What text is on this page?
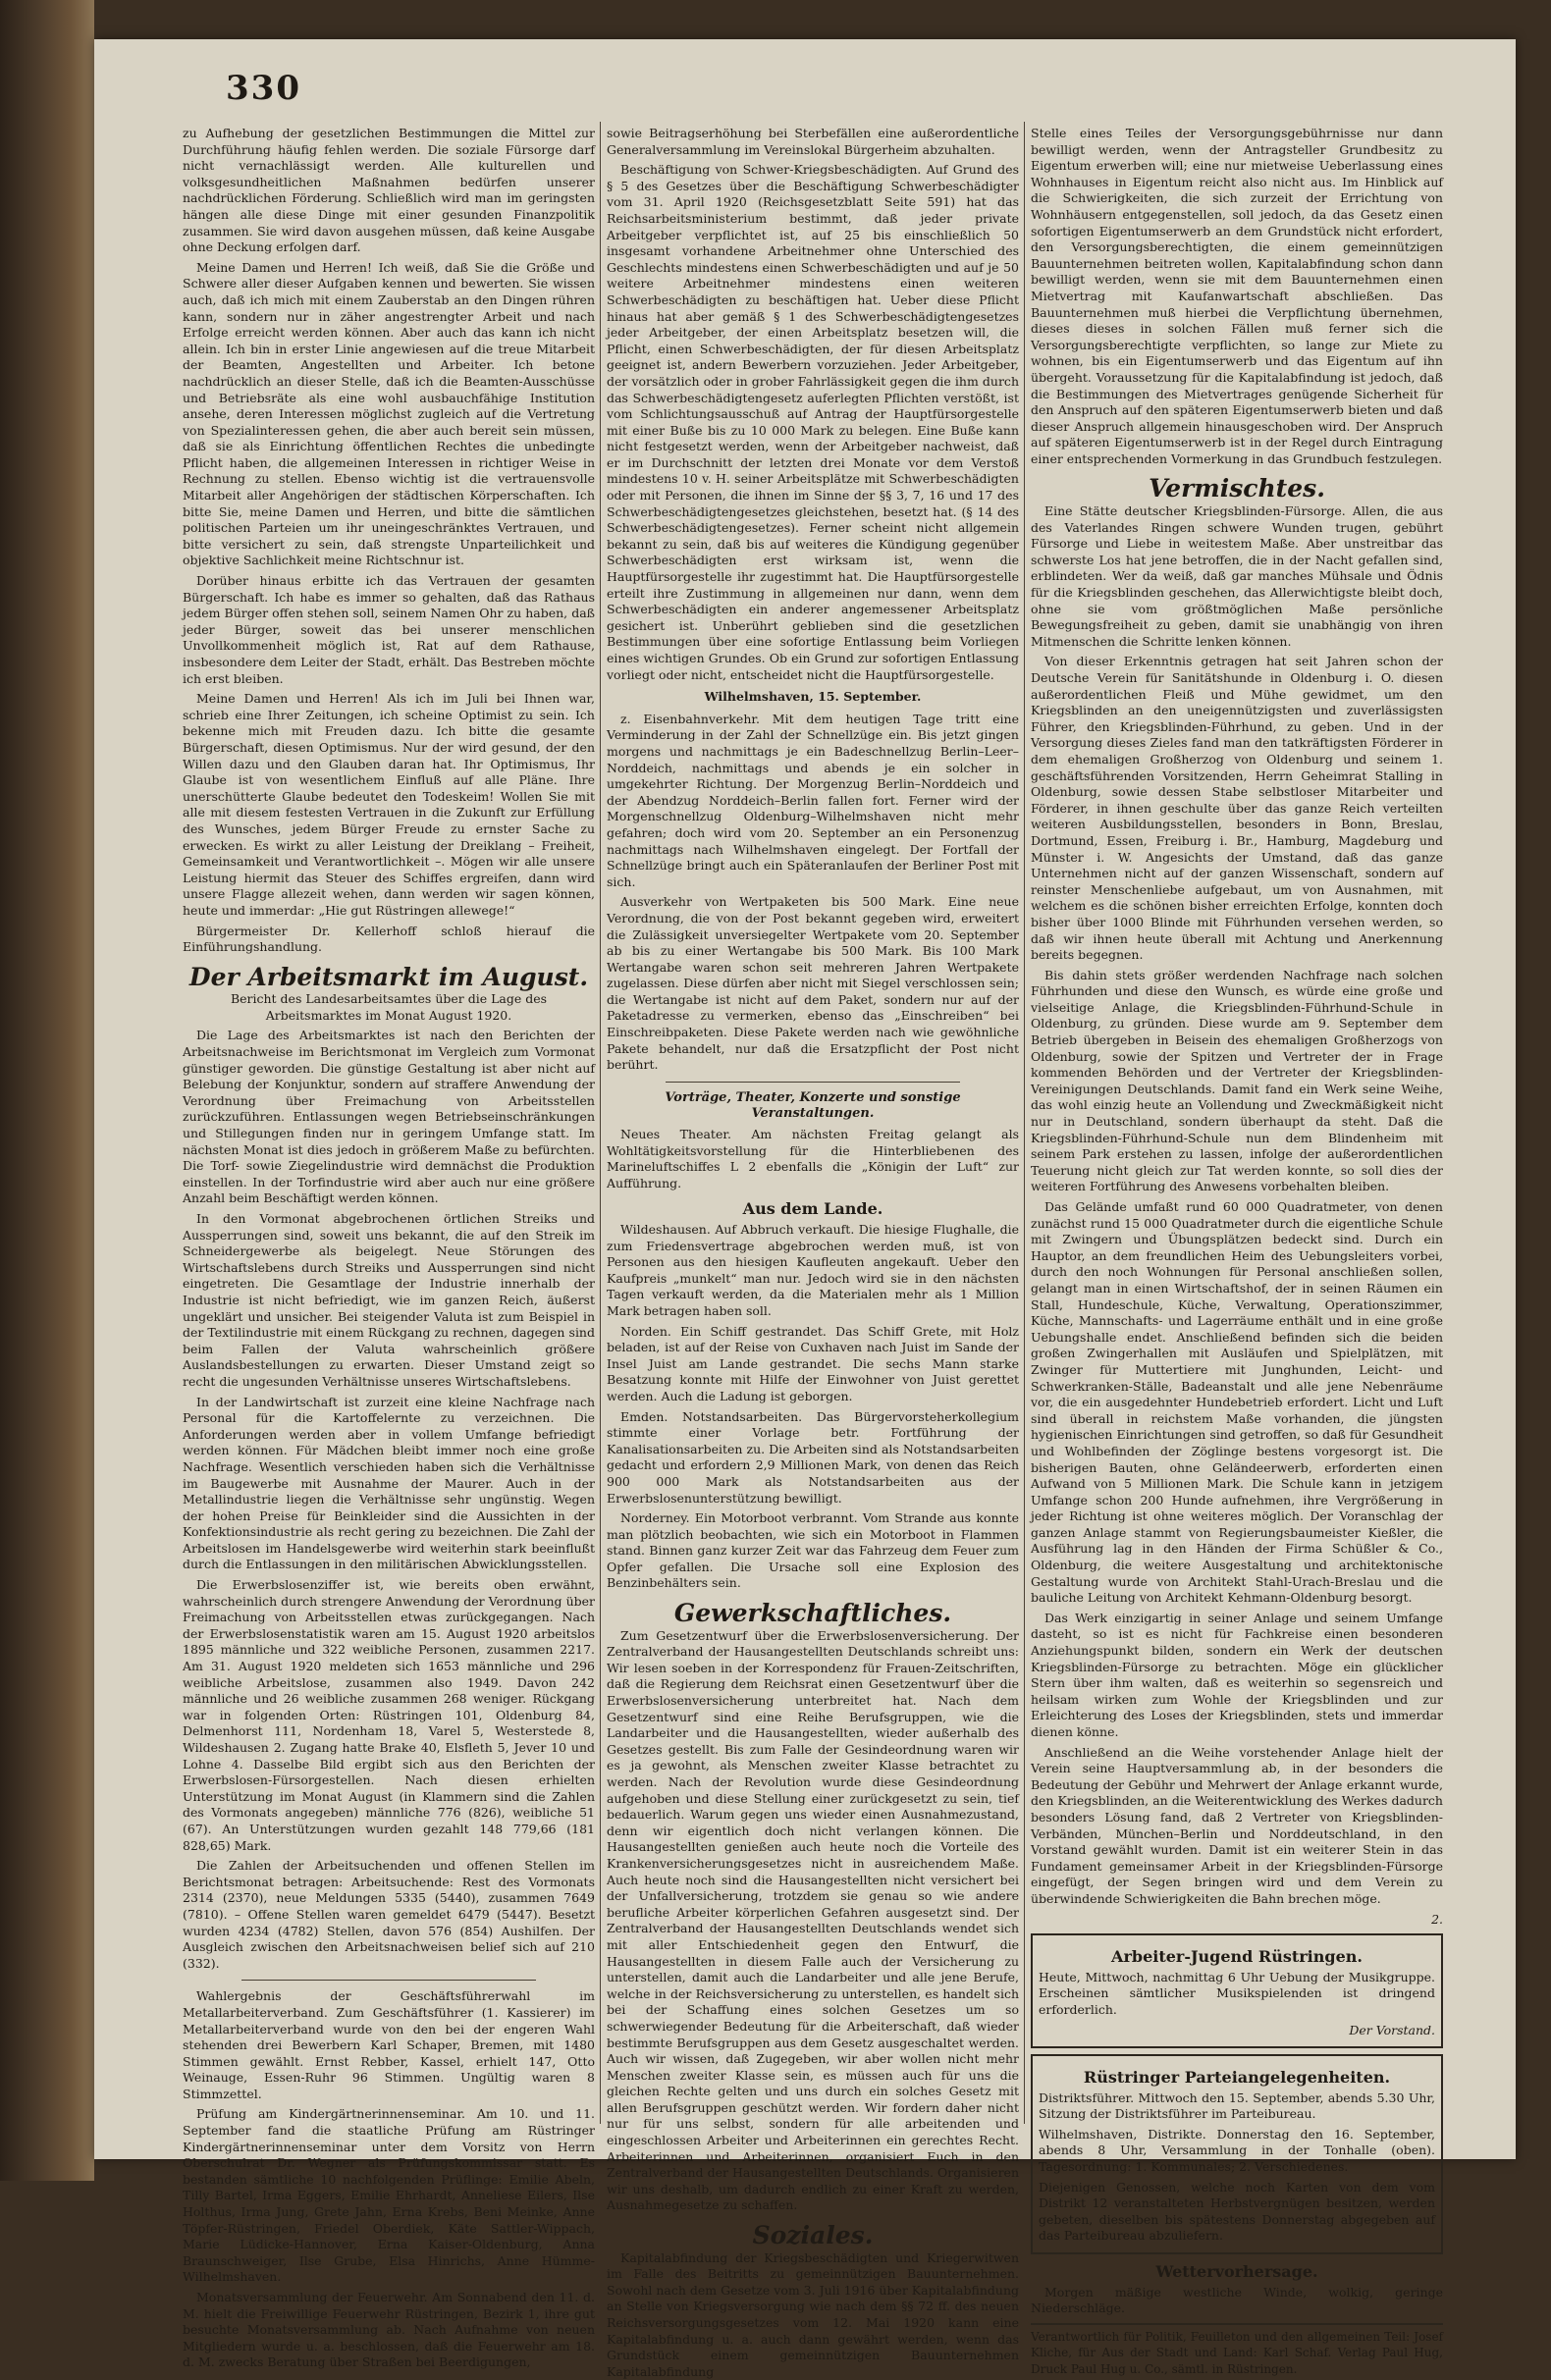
330

zu Aufhebung der gesetzlichen Bestimmungen die Mittel zur Durchführung häufig fehlen werden. Die soziale Fürsorge darf nicht vernachlässigt werden. Alle kulturellen und volksgesundheitlichen Maßnahmen bedürfen unserer nachdrücklichen Förderung. Schließlich wird man im geringsten hängen alle diese Dinge mit einer gesunden Finanzpolitik zusammen. Sie wird davon ausgehen müssen, daß keine Ausgabe ohne Deckung erfolgen darf.

Meine Damen und Herren! Ich weiß, daß Sie die Größe und Schwere aller dieser Aufgaben kennen und bewerten. Sie wissen auch, daß ich mich mit einem Zauberstab an den Dingen rühren kann, sondern nur in zäher angestrengter Arbeit und nach Erfolge erreicht werden können. Aber auch das kann ich nicht allein. Ich bin in erster Linie angewiesen auf die treue Mitarbeit der Beamten, Angestellten und Arbeiter. Ich betone nachdrücklich an dieser Stelle, daß ich die Beamten-Ausschüsse und Betriebsräte als eine wohl ausbauchfähige Institution ansehe, deren Interessen möglichst zugleich auf die Vertretung von Spezialinteressen gehen, die aber auch bereit sein müssen, daß sie als Einrichtung öffentlichen Rechtes die unbedingte Pflicht haben, die allgemeinen Interessen in richtiger Weise in Rechnung zu stellen. Ebenso wichtig ist die vertrauensvolle Mitarbeit aller Angehörigen der städtischen Körperschaften. Ich bitte Sie, meine Damen und Herren, und bitte die sämtlichen politischen Parteien um ihr uneingeschränktes Vertrauen, und bitte versichert zu sein, daß strengste Unparteilichkeit und objektive Sachlichkeit meine Richtschnur ist.

Dorüber hinaus erbitte ich das Vertrauen der gesamten Bürgerschaft. Ich habe es immer so gehalten, daß das Rathaus jedem Bürger offen stehen soll, seinem Namen Ohr zu haben, daß jeder Bürger, soweit das bei unserer menschlichen Unvollkommenheit möglich ist, Rat auf dem Rathause, insbesondere dem Leiter der Stadt, erhält. Das Bestreben möchte ich erst bleiben.

Meine Damen und Herren! Als ich im Juli bei Ihnen war, schrieb eine Ihrer Zeitungen, ich scheine Optimist zu sein. Ich bekenne mich mit Freuden dazu. Ich bitte die gesamte Bürgerschaft, diesen Optimismus. Nur der wird gesund, der den Willen dazu und den Glauben daran hat. Ihr Optimismus, Ihr Glaube ist von wesentlichem Einfluß auf alle Pläne. Ihre unerschütterte Glaube bedeutet den Todeskeim! Wollen Sie mit alle mit diesem festesten Vertrauen in die Zukunft zur Erfüllung des Wunsches, jedem Bürger Freude zu ernster Sache zu erwecken. Es wirkt zu aller Leistung der Dreiklang – Freiheit, Gemeinsamkeit und Verantwortlichkeit –. Mögen wir alle unsere Leistung hiermit das Steuer des Schiffes ergreifen, dann wird unsere Flagge allezeit wehen, dann werden wir sagen können, heute und immerdar: „Hie gut Rüstringen allewege!“

Bürgermeister Dr. Kellerhoff schloß hierauf die Einführungshandlung.

Der Arbeitsmarkt im August.

Bericht des Landesarbeitsamtes über die Lage des Arbeitsmarktes im Monat August 1920.

Die Lage des Arbeitsmarktes ist nach den Berichten der Arbeitsnachweise im Berichtsmonat im Vergleich zum Vormonat günstiger geworden. Die günstige Gestaltung ist aber nicht auf Belebung der Konjunktur, sondern auf straffere Anwendung der Verordnung über Freimachung von Arbeitsstellen zurückzuführen. Entlassungen wegen Betriebseinschränkungen und Stillegungen finden nur in geringem Umfange statt. Im nächsten Monat ist dies jedoch in größerem Maße zu befürchten. Die Torf- sowie Ziegelindustrie wird demnächst die Produktion einstellen. In der Torfindustrie wird aber auch nur eine größere Anzahl beim Beschäftigt werden können.

In den Vormonat abgebrochenen örtlichen Streiks und Aussperrungen sind, soweit uns bekannt, die auf den Streik im Schneidergewerbe als beigelegt. Neue Störungen des Wirtschaftslebens durch Streiks und Aussperrungen sind nicht eingetreten. Die Gesamtlage der Industrie innerhalb der Industrie ist nicht befriedigt, wie im ganzen Reich, äußerst ungeklärt und unsicher. Bei steigender Valuta ist zum Beispiel in der Textilindustrie mit einem Rückgang zu rechnen, dagegen sind beim Fallen der Valuta wahrscheinlich größere Auslandsbestellungen zu erwarten. Dieser Umstand zeigt so recht die ungesunden Verhältnisse unseres Wirtschaftslebens.

In der Landwirtschaft ist zurzeit eine kleine Nachfrage nach Personal für die Kartoffelernte zu verzeichnen. Die Anforderungen werden aber in vollem Umfange befriedigt werden können. Für Mädchen bleibt immer noch eine große Nachfrage. Wesentlich verschieden haben sich die Verhältnisse im Baugewerbe mit Ausnahme der Maurer. Auch in der Metallindustrie liegen die Verhältnisse sehr ungünstig. Wegen der hohen Preise für Beinkleider sind die Aussichten in der Konfektionsindustrie als recht gering zu bezeichnen. Die Zahl der Arbeitslosen im Handelsgewerbe wird weiterhin stark beeinflußt durch die Entlassungen in den militärischen Abwicklungsstellen.

Die Erwerbslosenziffer ist, wie bereits oben erwähnt, wahrscheinlich durch strengere Anwendung der Verordnung über Freimachung von Arbeitsstellen etwas zurückgegangen. Nach der Erwerbslosenstatistik waren am 15. August 1920 arbeitslos 1895 männliche und 322 weibliche Personen, zusammen 2217. Am 31. August 1920 meldeten sich 1653 männliche und 296 weibliche Arbeitslose, zusammen also 1949. Davon 242 männliche und 26 weibliche zusammen 268 weniger. Rückgang war in folgenden Orten: Rüstringen 101, Oldenburg 84, Delmenhorst 111, Nordenham 18, Varel 5, Westerstede 8, Wildeshausen 2. Zugang hatte Brake 40, Elsfleth 5, Jever 10 und Lohne 4. Dasselbe Bild ergibt sich aus den Berichten der Erwerbslosen-Fürsorgestellen. Nach diesen erhielten Unterstützung im Monat August (in Klammern sind die Zahlen des Vormonats angegeben) männliche 776 (826), weibliche 51 (67). An Unterstützungen wurden gezahlt 148 779,66 (181 828,65) Mark.

Die Zahlen der Arbeitsuchenden und offenen Stellen im Berichtsmonat betragen: Arbeitsuchende: Rest des Vormonats 2314 (2370), neue Meldungen 5335 (5440), zusammen 7649 (7810). – Offene Stellen waren gemeldet 6479 (5447). Besetzt wurden 4234 (4782) Stellen, davon 576 (854) Aushilfen. Der Ausgleich zwischen den Arbeitsnachweisen belief sich auf 210 (332).

Wahlergebnis der Geschäftsführerwahl im Metallarbeiterverband. Zum Geschäftsführer (1. Kassierer) im Metallarbeiterverband wurde von den bei der engeren Wahl stehenden drei Bewerbern Karl Schaper, Bremen, mit 1480 Stimmen gewählt. Ernst Rebber, Kassel, erhielt 147, Otto Weinauge, Essen-Ruhr 96 Stimmen. Ungültig waren 8 Stimmzettel.

Prüfung am Kindergärtnerinnenseminar. Am 10. und 11. September fand die staatliche Prüfung am Rüstringer Kindergärtnerinnenseminar unter dem Vorsitz von Herrn Oberschulrat Dr. Wegner als Prüfungskommissar statt. Es bestanden sämtliche 10 nachfolgenden Prüflinge: Emilie Abeln, Tilly Bartel, Irma Eggers, Emilie Ehrhardt, Anneliese Eilers, Ilse Holthus, Irma Jung, Grete Jahn, Erna Krebs, Beni Meinke, Anne Töpfer-Rüstringen, Friedel Oberdiek, Käte Sattler-Wippach, Marie Lüdicke-Hannover, Erna Kaiser-Oldenburg, Anna Braunschweiger, Ilse Grube, Elsa Hinrichs, Anne Hümme-Wilhelmshaven.

Monatsversammlung der Feuerwehr. Am Sonnabend den 11. d. M. hielt die Freiwillige Feuerwehr Rüstringen, Bezirk 1, ihre gut besuchte Monatsversammlung ab. Nach Aufnahme von neuen Mitgliedern wurde u. a. beschlossen, daß die Feuerwehr am 18. d. M. zwecks Beratung über Straßen bei Beerdigungen,

sowie Beitragserhöhung bei Sterbefällen eine außerordentliche Generalversammlung im Vereinslokal Bürgerheim abzuhalten.

Beschäftigung von Schwer-Kriegsbeschädigten. Auf Grund des § 5 des Gesetzes über die Beschäftigung Schwerbeschädigter vom 31. April 1920 (Reichsgesetzblatt Seite 591) hat das Reichsarbeitsministerium bestimmt, daß jeder private Arbeitgeber verpflichtet ist, auf 25 bis einschließlich 50 insgesamt vorhandene Arbeitnehmer ohne Unterschied des Geschlechts mindestens einen Schwerbeschädigten und auf je 50 weitere Arbeitnehmer mindestens einen weiteren Schwerbeschädigten zu beschäftigen hat. Ueber diese Pflicht hinaus hat aber gemäß § 1 des Schwerbeschädigtengesetzes jeder Arbeitgeber, der einen Arbeitsplatz besetzen will, die Pflicht, einen Schwerbeschädigten, der für diesen Arbeitsplatz geeignet ist, andern Bewerbern vorzuziehen. Jeder Arbeitgeber, der vorsätzlich oder in grober Fahrlässigkeit gegen die ihm durch das Schwerbeschädigtengesetz auferlegten Pflichten verstößt, ist vom Schlichtungsausschuß auf Antrag der Hauptfürsorgestelle mit einer Buße bis zu 10 000 Mark zu belegen. Eine Buße kann nicht festgesetzt werden, wenn der Arbeitgeber nachweist, daß er im Durchschnitt der letzten drei Monate vor dem Verstoß mindestens 10 v. H. seiner Arbeitsplätze mit Schwerbeschädigten oder mit Personen, die ihnen im Sinne der §§ 3, 7, 16 und 17 des Schwerbeschädigtengesetzes gleichstehen, besetzt hat. (§ 14 des Schwerbeschädigtengesetzes). Ferner scheint nicht allgemein bekannt zu sein, daß bis auf weiteres die Kündigung gegenüber Schwerbeschädigten erst wirksam ist, wenn die Hauptfürsorgestelle ihr zugestimmt hat. Die Hauptfürsorgestelle erteilt ihre Zustimmung in allgemeinen nur dann, wenn dem Schwerbeschädigten ein anderer angemessener Arbeitsplatz gesichert ist. Unberührt geblieben sind die gesetzlichen Bestimmungen über eine sofortige Entlassung beim Vorliegen eines wichtigen Grundes. Ob ein Grund zur sofortigen Entlassung vorliegt oder nicht, entscheidet nicht die Hauptfürsorgestelle.

Wilhelmshaven, 15. September.

z. Eisenbahnverkehr. Mit dem heutigen Tage tritt eine Verminderung in der Zahl der Schnellzüge ein. Bis jetzt gingen morgens und nachmittags je ein Badeschnellzug Berlin–Leer–Norddeich, nachmittags und abends je ein solcher in umgekehrter Richtung. Der Morgenzug Berlin–Norddeich und der Abendzug Norddeich–Berlin fallen fort. Ferner wird der Morgenschnellzug Oldenburg–Wilhelmshaven nicht mehr gefahren; doch wird vom 20. September an ein Personenzug nachmittags nach Wilhelmshaven eingelegt. Der Fortfall der Schnellzüge bringt auch ein Späteranlaufen der Berliner Post mit sich.

Ausverkehr von Wertpaketen bis 500 Mark. Eine neue Verordnung, die von der Post bekannt gegeben wird, erweitert die Zulässigkeit unversiegelter Wertpakete vom 20. September ab bis zu einer Wertangabe bis 500 Mark. Bis 100 Mark Wertangabe waren schon seit mehreren Jahren Wertpakete zugelassen. Diese dürfen aber nicht mit Siegel verschlossen sein; die Wertangabe ist nicht auf dem Paket, sondern nur auf der Paketadresse zu vermerken, ebenso das „Einschreiben“ bei Einschreibpaketen. Diese Pakete werden nach wie gewöhnliche Pakete behandelt, nur daß die Ersatzpflicht der Post nicht berührt.

Vorträge, Theater, Konzerte und sonstige Veranstaltungen.

Neues Theater. Am nächsten Freitag gelangt als Wohltätigkeitsvorstellung für die Hinterbliebenen des Marineluftschiffes L 2 ebenfalls die „Königin der Luft“ zur Aufführung.

Aus dem Lande.

Wildeshausen. Auf Abbruch verkauft. Die hiesige Flughalle, die zum Friedensvertrage abgebrochen werden muß, ist von Personen aus den hiesigen Kaufleuten angekauft. Ueber den Kaufpreis „munkelt“ man nur. Jedoch wird sie in den nächsten Tagen verkauft werden, da die Materialen mehr als 1 Million Mark betragen haben soll.

Norden. Ein Schiff gestrandet. Das Schiff Grete, mit Holz beladen, ist auf der Reise von Cuxhaven nach Juist im Sande der Insel Juist am Lande gestrandet. Die sechs Mann starke Besatzung konnte mit Hilfe der Einwohner von Juist gerettet werden. Auch die Ladung ist geborgen.

Emden. Notstandsarbeiten. Das Bürgervorsteherkollegium stimmte einer Vorlage betr. Fortführung der Kanalisationsarbeiten zu. Die Arbeiten sind als Notstandsarbeiten gedacht und erfordern 2,9 Millionen Mark, von denen das Reich 900 000 Mark als Notstandsarbeiten aus der Erwerbslosenunterstützung bewilligt.

Norderney. Ein Motorboot verbrannt. Vom Strande aus konnte man plötzlich beobachten, wie sich ein Motorboot in Flammen stand. Binnen ganz kurzer Zeit war das Fahrzeug dem Feuer zum Opfer gefallen. Die Ursache soll eine Explosion des Benzinbehälters sein.

Gewerkschaftliches.

Zum Gesetzentwurf über die Erwerbslosenversicherung. Der Zentralverband der Hausangestellten Deutschlands schreibt uns: Wir lesen soeben in der Korrespondenz für Frauen-Zeitschriften, daß die Regierung dem Reichsrat einen Gesetzentwurf über die Erwerbslosenversicherung unterbreitet hat. Nach dem Gesetzentwurf sind eine Reihe Berufsgruppen, wie die Landarbeiter und die Hausangestellten, wieder außerhalb des Gesetzes gestellt. Bis zum Falle der Gesindeordnung waren wir es ja gewohnt, als Menschen zweiter Klasse betrachtet zu werden. Nach der Revolution wurde diese Gesindeordnung aufgehoben und diese Stellung einer zurückgesetzt zu sein, tief bedauerlich. Warum gegen uns wieder einen Ausnahmezustand, denn wir eigentlich doch nicht verlangen können. Die Hausangestellten genießen auch heute noch die Vorteile des Krankenversicherungsgesetzes nicht in ausreichendem Maße. Auch heute noch sind die Hausangestellten nicht versichert bei der Unfallversicherung, trotzdem sie genau so wie andere berufliche Arbeiter körperlichen Gefahren ausgesetzt sind. Der Zentralverband der Hausangestellten Deutschlands wendet sich mit aller Entschiedenheit gegen den Entwurf, die Hausangestellten in diesem Falle auch der Versicherung zu unterstellen, damit auch die Landarbeiter und alle jene Berufe, welche in der Reichsversicherung zu unterstellen, es handelt sich bei der Schaffung eines solchen Gesetzes um so schwerwiegender Bedeutung für die Arbeiterschaft, daß wieder bestimmte Berufsgruppen aus dem Gesetz ausgeschaltet werden. Auch wir wissen, daß Zugegeben, wir aber wollen nicht mehr Menschen zweiter Klasse sein, es müssen auch für uns die gleichen Rechte gelten und uns durch ein solches Gesetz mit allen Berufsgruppen geschützt werden. Wir fordern daher nicht nur für uns selbst, sondern für alle arbeitenden und eingeschlossen Arbeiter und Arbeiterinnen ein gerechtes Recht. Arbeiterinnen und Arbeiterinnen, organisiert Euch in den Zentralverband der Hausangestellten Deutschlands. Organisieren wir uns deshalb, um dadurch endlich zu einer Kraft zu werden, Ausnahmegesetze zu schaffen.

Soziales.

Kapitalabfindung der Kriegsbeschädigten und Kriegerwitwen im Falle des Beitritts zu gemeinnützigen Bauunternehmen. Sowohl nach dem Gesetze vom 3. Juli 1916 über Kapitalabfindung an Stelle von Kriegsversorgung wie nach dem §§ 72 ff. des neuen Reichsversorgungsgesetzes vom 12. Mai 1920 kann eine Kapitalabfindung u. a. auch dann gewährt werden, wenn das Grundstück einem gemeinnützigen Bauunternehmen Kapitalabfindung

Stelle eines Teiles der Versorgungsgebührnisse nur dann bewilligt werden, wenn der Antragsteller Grundbesitz zu Eigentum erwerben will; eine nur mietweise Ueberlassung eines Wohnhauses in Eigentum reicht also nicht aus. Im Hinblick auf die Schwierigkeiten, die sich zurzeit der Errichtung von Wohnhäusern entgegenstellen, soll jedoch, da das Gesetz einen sofortigen Eigentumserwerb an dem Grundstück nicht erfordert, den Versorgungsberechtigten, die einem gemeinnützigen Bauunternehmen beitreten wollen, Kapitalabfindung schon dann bewilligt werden, wenn sie mit dem Bauunternehmen einen Mietvertrag mit Kaufanwartschaft abschließen. Das Bauunternehmen muß hierbei die Verpflichtung übernehmen, dieses dieses in solchen Fällen muß ferner sich die Versorgungsberechtigte verpflichten, so lange zur Miete zu wohnen, bis ein Eigentumserwerb und das Eigentum auf ihn übergeht. Voraussetzung für die Kapitalabfindung ist jedoch, daß die Bestimmungen des Mietvertrages genügende Sicherheit für den Anspruch auf den späteren Eigentumserwerb bieten und daß dieser Anspruch allgemein hinausgeschoben wird. Der Anspruch auf späteren Eigentumserwerb ist in der Regel durch Eintragung einer entsprechenden Vormerkung in das Grundbuch festzulegen.

Vermischtes.

Eine Stätte deutscher Kriegsblinden-Fürsorge. Allen, die aus des Vaterlandes Ringen schwere Wunden trugen, gebührt Fürsorge und Liebe in weitestem Maße. Aber unstreitbar das schwerste Los hat jene betroffen, die in der Nacht gefallen sind, erblindeten. Wer da weiß, daß gar manches Mühsale und Ödnis für die Kriegsblinden geschehen, das Allerwichtigste bleibt doch, ohne sie vom größtmöglichen Maße persönliche Bewegungsfreiheit zu geben, damit sie unabhängig von ihren Mitmenschen die Schritte lenken können.

Von dieser Erkenntnis getragen hat seit Jahren schon der Deutsche Verein für Sanitätshunde in Oldenburg i. O. diesen außerordentlichen Fleiß und Mühe gewidmet, um den Kriegsblinden an den uneigennützigsten und zuverlässigsten Führer, den Kriegsblinden-Führhund, zu geben. Und in der Versorgung dieses Zieles fand man den tatkräftigsten Förderer in dem ehemaligen Großherzog von Oldenburg und seinem 1. geschäftsführenden Vorsitzenden, Herrn Geheimrat Stalling in Oldenburg, sowie dessen Stabe selbstloser Mitarbeiter und Förderer, in ihnen geschulte über das ganze Reich verteilten weiteren Ausbildungsstellen, besonders in Bonn, Breslau, Dortmund, Essen, Freiburg i. Br., Hamburg, Magdeburg und Münster i. W. Angesichts der Umstand, daß das ganze Unternehmen nicht auf der ganzen Wissenschaft, sondern auf reinster Menschenliebe aufgebaut, um von Ausnahmen, mit welchem es die schönen bisher erreichten Erfolge, konnten doch bisher über 1000 Blinde mit Führhunden versehen werden, so daß wir ihnen heute überall mit Achtung und Anerkennung bereits begegnen.

Bis dahin stets größer werdenden Nachfrage nach solchen Führhunden und diese den Wunsch, es würde eine große und vielseitige Anlage, die Kriegsblinden-Führhund-Schule in Oldenburg, zu gründen. Diese wurde am 9. September dem Betrieb übergeben in Beisein des ehemaligen Großherzogs von Oldenburg, sowie der Spitzen und Vertreter der in Frage kommenden Behörden und der Vertreter der Kriegsblinden-Vereinigungen Deutschlands. Damit fand ein Werk seine Weihe, das wohl einzig heute an Vollendung und Zweckmäßigkeit nicht nur in Deutschland, sondern überhaupt da steht. Daß die Kriegsblinden-Führhund-Schule nun dem Blindenheim mit seinem Park erstehen zu lassen, infolge der außerordentlichen Teuerung nicht gleich zur Tat werden konnte, so soll dies der weiteren Fortführung des Anwesens vorbehalten bleiben.

Das Gelände umfaßt rund 60 000 Quadratmeter, von denen zunächst rund 15 000 Quadratmeter durch die eigentliche Schule mit Zwingern und Übungsplätzen bedeckt sind. Durch ein Hauptor, an dem freundlichen Heim des Uebungsleiters vorbei, durch den noch Wohnungen für Personal anschließen sollen, gelangt man in einen Wirtschaftshof, der in seinen Räumen ein Stall, Hundeschule, Küche, Verwaltung, Operationszimmer, Küche, Mannschafts- und Lagerräume enthält und in eine große Uebungshalle endet. Anschließend befinden sich die beiden großen Zwingerhallen mit Ausläufen und Spielplätzen, mit Zwinger für Muttertiere mit Junghunden, Leicht- und Schwerkranken-Ställe, Badeanstalt und alle jene Nebenräume vor, die ein ausgedehnter Hundebetrieb erfordert. Licht und Luft sind überall in reichstem Maße vorhanden, die jüngsten hygienischen Einrichtungen sind getroffen, so daß für Gesundheit und Wohlbefinden der Zöglinge bestens vorgesorgt ist. Die bisherigen Bauten, ohne Geländeerwerb, erforderten einen Aufwand von 5 Millionen Mark. Die Schule kann in jetzigem Umfange schon 200 Hunde aufnehmen, ihre Vergrößerung in jeder Richtung ist ohne weiteres möglich. Der Voranschlag der ganzen Anlage stammt von Regierungsbaumeister Kießler, die Ausführung lag in den Händen der Firma Schüßler & Co., Oldenburg, die weitere Ausgestaltung und architektonische Gestaltung wurde von Architekt Stahl-Urach-Breslau und die bauliche Leitung von Architekt Kehmann-Oldenburg besorgt.

Das Werk einzigartig in seiner Anlage und seinem Umfange dasteht, so ist es nicht für Fachkreise einen besonderen Anziehungspunkt bilden, sondern ein Werk der deutschen Kriegsblinden-Fürsorge zu betrachten. Möge ein glücklicher Stern über ihm walten, daß es weiterhin so segensreich und heilsam wirken zum Wohle der Kriegsblinden und zur Erleichterung des Loses der Kriegsblinden, stets und immerdar dienen könne.

Anschließend an die Weihe vorstehender Anlage hielt der Verein seine Hauptversammlung ab, in der besonders die Bedeutung der Gebühr und Mehrwert der Anlage erkannt wurde, den Kriegsblinden, an die Weiterentwicklung des Werkes dadurch besonders Lösung fand, daß 2 Vertreter von Kriegsblinden-Verbänden, München–Berlin und Norddeutschland, in den Vorstand gewählt wurden. Damit ist ein weiterer Stein in das Fundament gemeinsamer Arbeit in der Kriegsblinden-Fürsorge eingefügt, der Segen bringen wird und dem Verein zu überwindende Schwierigkeiten die Bahn brechen möge.

2.

Arbeiter-Jugend Rüstringen.

Heute, Mittwoch, nachmittag 6 Uhr Uebung der Musikgruppe. Erscheinen sämtlicher Musikspielenden ist dringend erforderlich.

Der Vorstand.

Rüstringer Parteiangelegenheiten.

Distriktsführer. Mittwoch den 15. September, abends 5.30 Uhr, Sitzung der Distriktsführer im Parteibureau.

Wilhelmshaven, Distrikte. Donnerstag den 16. September, abends 8 Uhr, Versammlung in der Tonhalle (oben). Tagesordnung: 1. Kommunales; 2. Verschiedenes.

Diejenigen Genossen, welche noch Karten von dem vom Distrikt 12 veranstalteten Herbstvergnügen besitzen, werden gebeten, dieselben bis spätestens Donnerstag abgegeben auf das Parteibureau abzuliefern.

Wettervorhersage.

Morgen mäßige westliche Winde, wolkig, geringe Niederschläge.

Verantwortlich für Politik, Feuilleton und den allgemeinen Teil: Josef Kliche, für Aus der Stadt und Land: Karl Schaf. Verlag Paul Hug, Druck Paul Hug u. Co., sämtl. in Rüstringen.
